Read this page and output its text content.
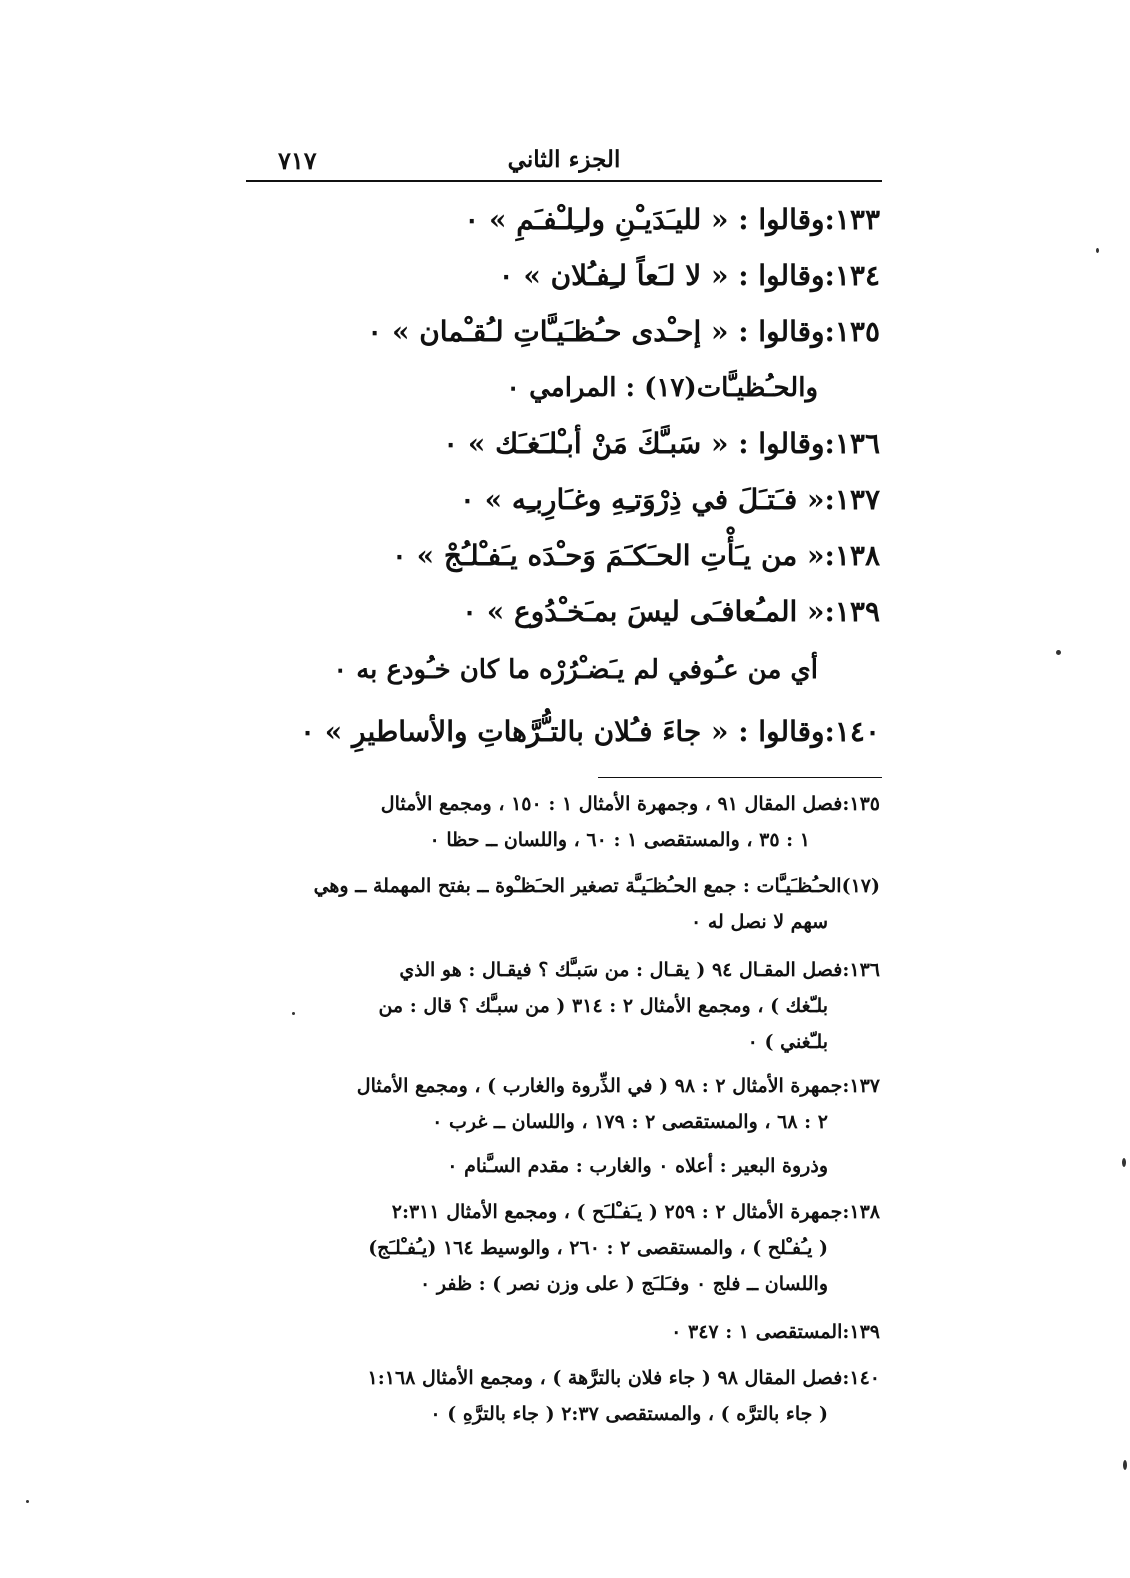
الجزء الثاني
٧١٧
١٣٣:وقالوا : « لليـَدَيـْنِ ولـِلـْفـَمِ » ٠
١٣٤:وقالوا : « لا لـَعاً لـِفـُلان » ٠
١٣٥:وقالوا : « إحـْدى حـُظـَيـَّاتِ لـُقـْمان » ٠
والحـُظيـَّات(١٧) : المرامي ٠
١٣٦:وقالوا : « سَبـَّكَ مَنْ أبـْلـَغـَك » ٠
١٣٧:« فـَتـَلَ في ذِرْوَتـِهِ وغـَارِبـِه » ٠
١٣٨:« من يـَأْتِ الحـَكـَمَ وَحـْدَه يـَفـْلـُجْ » ٠
١٣٩:« المـُعافـَى ليسَ بمـَخـْدُوع » ٠
أي من عـُوفي لم يـَضـْرُرْه ما كان خـُودع به ٠
١٤٠:وقالوا : « جاءَ فـُلان بالتـُّرَّهاتِ والأساطيرِ » ٠
١٣٥:فصل المقال ٩١ ، وجمهرة الأمثال ١ : ١٥٠ ، ومجمع الأمثال
١ : ٣٥ ، والمستقصى ١ : ٦٠ ، واللسان ــ حظا ٠
(١٧)الحـُظـَيـَّات : جمع الحـُظـَيـَّة تصغير الحـَظـْوة ــ بفتح المهملة ــ وهي
سهم لا نصل له ٠
١٣٦:فصل المقـال ٩٤ ( يقـال : من سَبـَّك ؟ فيقـال : هو الذي
بلـّغك ) ، ومجمع الأمثال ٢ : ٣١٤ ( من سبـَّك ؟ قال : من
بلـّغني ) ٠
١٣٧:جمهرة الأمثال ٢ : ٩٨ ( في الذِّروة والغارب ) ، ومجمع الأمثال
٢ : ٦٨ ، والمستقصى ٢ : ١٧٩ ، واللسان ــ غرب ٠
وذروة البعير : أعلاه ٠ والغارب : مقدم السـَّنام ٠
١٣٨:جمهرة الأمثال ٢ : ٢٥٩ ( يـَفـْلـَح ) ، ومجمع الأمثال ٢:٣١١
( يـُفـْلح ) ، والمستقصى ٢ : ٢٦٠ ، والوسيط ١٦٤ (يـُفـْلـَج)
واللسان ــ فلج ٠ وفـَلـَج ( على وزن نصر ) : ظفر ٠
١٣٩:المستقصى ١ : ٣٤٧ ٠
١٤٠:فصل المقال ٩٨ ( جاء فلان بالترَّهة ) ، ومجمع الأمثال ١:١٦٨
( جاء بالترَّه ) ، والمستقصى ٢:٣٧ ( جاء بالترَّهِ ) ٠
